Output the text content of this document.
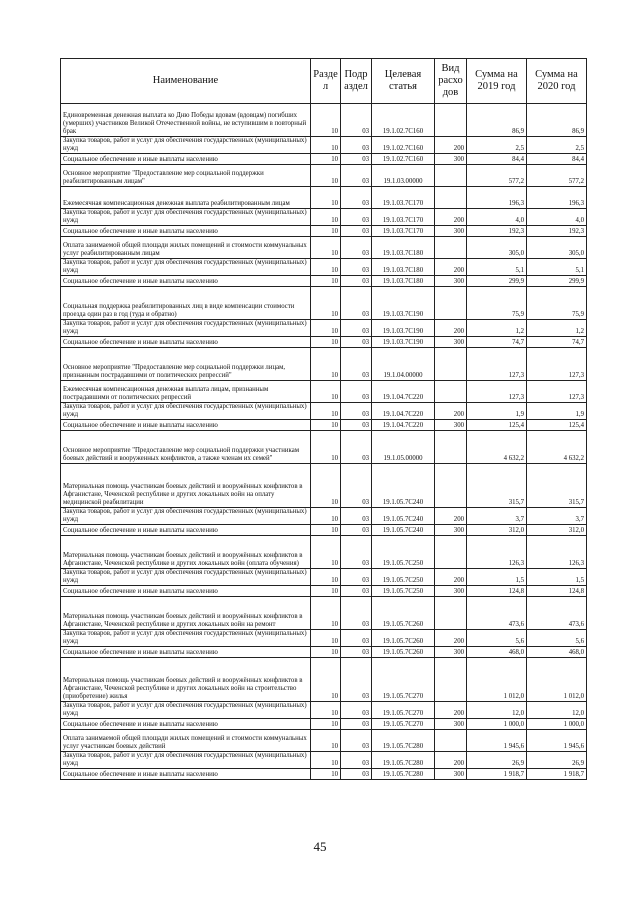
Наименование	Разде л	Подр аздел	Целевая статья	Вид расхо дов	Сумма на 2019 год	Сумма на 2020 год
Единовременная денежная выплата ко Дню Победы вдовам (вдовцам) погибших (умерших) участников Великой Отечественной войны, не вступившим в повторный брак	10	03	19.1.02.7С160		86,9	86,9
Закупка товаров, работ и услуг для обеспечения государственных (муниципальных) нужд	10	03	19.1.02.7С160	200	2,5	2,5
Социальное обеспечение и иные выплаты населению	10	03	19.1.02.7С160	300	84,4	84,4
Основное мероприятие "Предоставление мер социальной поддержки реабилитированным лицам"	10	03	19.1.03.00000		577,2	577,2
Ежемесячная компенсационная денежная выплата реабилитированным лицам	10	03	19.1.03.7С170		196,3	196,3
Закупка товаров, работ и услуг для обеспечения государственных (муниципальных) нужд	10	03	19.1.03.7С170	200	4,0	4,0
Социальное обеспечение и иные выплаты населению	10	03	19.1.03.7С170	300	192,3	192,3
Оплата занимаемой общей площади жилых помещений и стоимости коммунальных услуг реабилитированным лицам	10	03	19.1.03.7С180		305,0	305,0
Закупка товаров, работ и услуг для обеспечения государственных (муниципальных) нужд	10	03	19.1.03.7С180	200	5,1	5,1
Социальное обеспечение и иные выплаты населению	10	03	19.1.03.7С180	300	299,9	299,9
Социальная поддержка реабилитированных лиц в виде компенсации стоимости проезда один раз в год (туда и обратно)	10	03	19.1.03.7С190		75,9	75,9
Закупка товаров, работ и услуг для обеспечения государственных (муниципальных) нужд	10	03	19.1.03.7С190	200	1,2	1,2
Социальное обеспечение и иные выплаты населению	10	03	19.1.03.7С190	300	74,7	74,7
Основное мероприятие "Предоставление мер социальной поддержки лицам, признанным пострадавшими от политических репрессий"	10	03	19.1.04.00000		127,3	127,3
Ежемесячная компенсационная денежная выплата лицам, признанным пострадавшими от политических репрессий	10	03	19.1.04.7С220		127,3	127,3
Закупка товаров, работ и услуг для обеспечения государственных (муниципальных) нужд	10	03	19.1.04.7С220	200	1,9	1,9
Социальное обеспечение и иные выплаты населению	10	03	19.1.04.7С220	300	125,4	125,4
Основное мероприятие "Предоставление мер социальной поддержки участникам боевых действий и вооруженных конфликтов, а также членам их семей"	10	03	19.1.05.00000		4 632,2	4 632,2
Материальная помощь участникам боевых действий и вооружённых конфликтов в Афганистане, Чеченской республике и других локальных войн на оплату медицинской реабилитации	10	03	19.1.05.7С240		315,7	315,7
Закупка товаров, работ и услуг для обеспечения государственных (муниципальных) нужд	10	03	19.1.05.7С240	200	3,7	3,7
Социальное обеспечение и иные выплаты населению	10	03	19.1.05.7С240	300	312,0	312,0
Материальная помощь участникам боевых действий и вооружённых конфликтов в Афганистане, Чеченской республике и других локальных войн (оплата обучения)	10	03	19.1.05.7С250		126,3	126,3
Закупка товаров, работ и услуг для обеспечения государственных (муниципальных) нужд	10	03	19.1.05.7С250	200	1,5	1,5
Социальное обеспечение и иные выплаты населению	10	03	19.1.05.7С250	300	124,8	124,8
Материальная помощь участникам боевых действий и вооружённых конфликтов в Афганистане, Чеченской республике и других локальных войн на ремонт	10	03	19.1.05.7С260		473,6	473,6
Закупка товаров, работ и услуг для обеспечения государственных (муниципальных) нужд	10	03	19.1.05.7С260	200	5,6	5,6
Социальное обеспечение и иные выплаты населению	10	03	19.1.05.7С260	300	468,0	468,0
Материальная помощь участникам боевых действий и вооружённых конфликтов в Афганистане, Чеченской республике и других локальных войн на строительство (приобретение) жилья	10	03	19.1.05.7С270		1 012,0	1 012,0
Закупка товаров, работ и услуг для обеспечения государственных (муниципальных) нужд	10	03	19.1.05.7С270	200	12,0	12,0
Социальное обеспечение и иные выплаты населению	10	03	19.1.05.7С270	300	1 000,0	1 000,0
Оплата занимаемой общей площади жилых помещений и стоимости коммунальных услуг участникам боевых действий	10	03	19.1.05.7С280		1 945,6	1 945,6
Закупка товаров, работ и услуг для обеспечения государственных (муниципальных) нужд	10	03	19.1.05.7С280	200	26,9	26,9
Социальное обеспечение и иные выплаты населению	10	03	19.1.05.7С280	300	1 918,7	1 918,7
45
